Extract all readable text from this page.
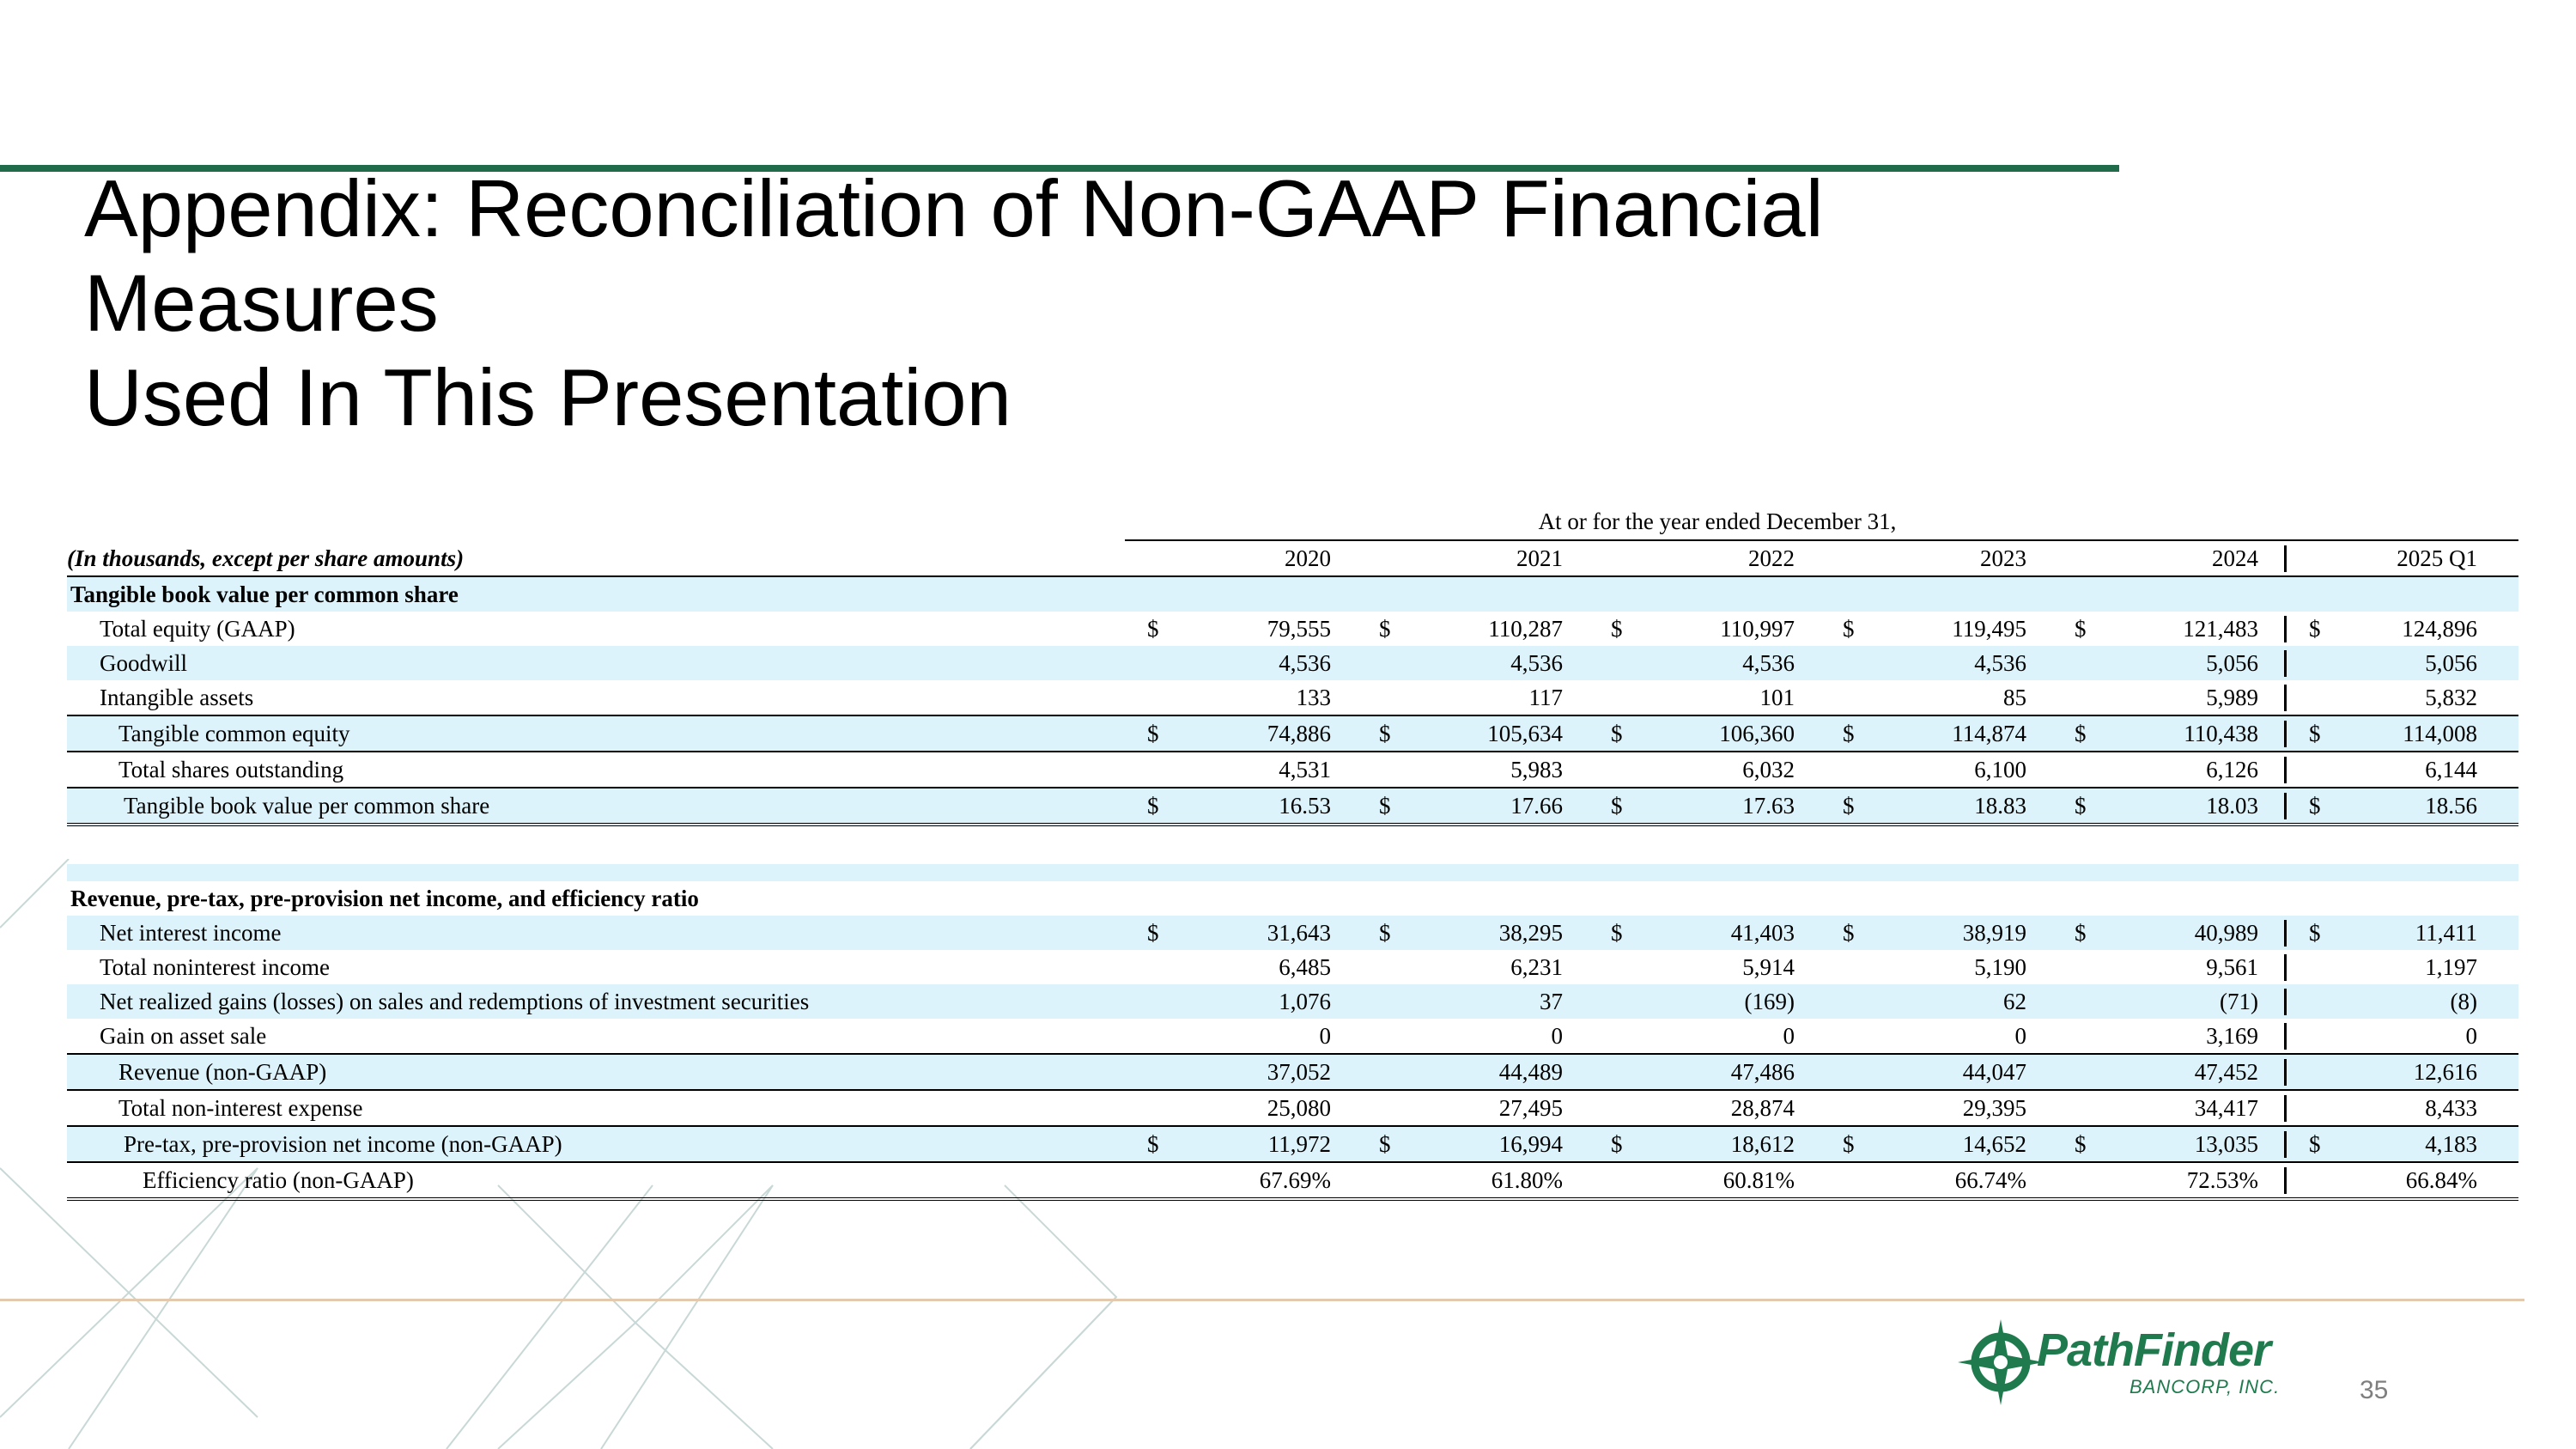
Appendix: Reconciliation of Non-GAAP Financial
Measures
Used In This Presentation
PathFinder
BANCORP, INC.	35
At or for the year ended December 31,
(In thousands, except per share amounts)	2020	2021	2022	2023	2024	2025 Q1
Tangible book value per common share
Total equity (GAAP)	$	79,555 $	110,287 $	110,997 $	119,495 $	121,483 $	124,896
Goodwill	4,536	4,536	4,536	4,536	5,056	5,056
Intangible assets	133	117	101	85	5,989	5,832
Tangible common equity	$	74,886 $	105,634 $	106,360 $	114,874 $	110,438 $	114,008
Total shares outstanding	4,531	5,983	6,032	6,100	6,126	6,144
Tangible book value per common share	$	16.53 $	17.66 $	17.63 $	18.83 $	18.03 $	18.56
Revenue, pre-tax, pre-provision net income, and efficiency ratio
Net interest income	$	31,643 $	38,295 $	41,403 $	38,919 $	40,989 $	11,411
Total noninterest income	6,485	6,231	5,914	5,190	9,561	1,197
Net realized gains (losses) on sales and redemptions of investment securities	1,076	37	(169)	62	(71)	(8)
Gain on asset sale	0	0	0	0	3,169	0
Revenue (non-GAAP)	37,052	44,489	47,486	44,047	47,452	12,616
Total non-interest expense	25,080	27,495	28,874	29,395	34,417	8,433
Pre-tax, pre-provision net income (non-GAAP)	$	11,972 $	16,994 $	18,612 $	14,652 $	13,035 $	4,183
Efficiency ratio (non-GAAP)	67.69%	61.80%	60.81%	66.74%	72.53%	66.84%
